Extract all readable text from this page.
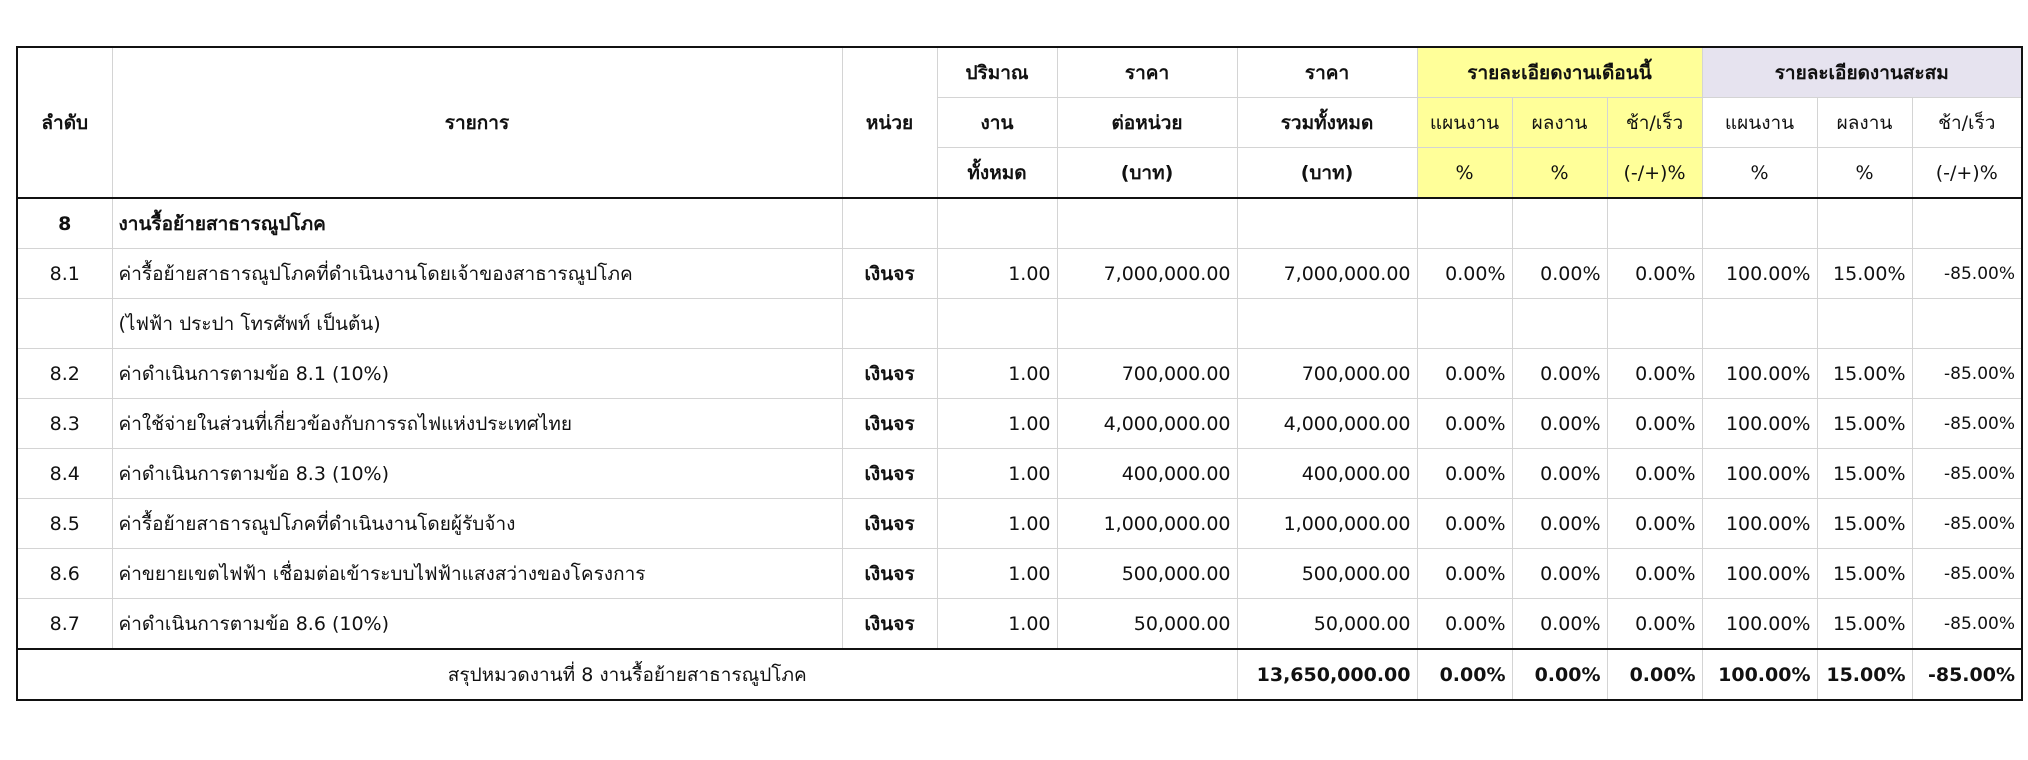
ลำดับ	รายการ	หน่วย	ปริมาณ	ราคา	ราคา	รายละเอียดงานเดือนนี้			รายละเอียดงานสะสม		
			งาน	ต่อหน่วย	รวมทั้งหมด	แผนงาน	ผลงาน	ช้า/เร็ว	แผนงาน	ผลงาน	ช้า/เร็ว
			ทั้งหมด	(บาท)	(บาท)	%	%	(-/+)%	%	%	(-/+)%
8	งานรื้อย้ายสาธารณูปโภค										
8.1	ค่ารื้อย้ายสาธารณูปโภคที่ดำเนินงานโดยเจ้าของสาธารณูปโภค	เงินจร	1.00	7,000,000.00	7,000,000.00	0.00%	0.00%	0.00%	100.00%	15.00%	-85.00%
	(ไฟฟ้า ประปา โทรศัพท์ เป็นต้น)										
8.2	ค่าดำเนินการตามข้อ 8.1 (10%)	เงินจร	1.00	700,000.00	700,000.00	0.00%	0.00%	0.00%	100.00%	15.00%	-85.00%
8.3	ค่าใช้จ่ายในส่วนที่เกี่ยวข้องกับการรถไฟแห่งประเทศไทย	เงินจร	1.00	4,000,000.00	4,000,000.00	0.00%	0.00%	0.00%	100.00%	15.00%	-85.00%
8.4	ค่าดำเนินการตามข้อ 8.3 (10%)	เงินจร	1.00	400,000.00	400,000.00	0.00%	0.00%	0.00%	100.00%	15.00%	-85.00%
8.5	ค่ารื้อย้ายสาธารณูปโภคที่ดำเนินงานโดยผู้รับจ้าง	เงินจร	1.00	1,000,000.00	1,000,000.00	0.00%	0.00%	0.00%	100.00%	15.00%	-85.00%
8.6	ค่าขยายเขตไฟฟ้า เชื่อมต่อเข้าระบบไฟฟ้าแสงสว่างของโครงการ	เงินจร	1.00	500,000.00	500,000.00	0.00%	0.00%	0.00%	100.00%	15.00%	-85.00%
8.7	ค่าดำเนินการตามข้อ 8.6 (10%)	เงินจร	1.00	50,000.00	50,000.00	0.00%	0.00%	0.00%	100.00%	15.00%	-85.00%
สรุปหมวดงานที่ 8 งานรื้อย้ายสาธารณูปโภค					13,650,000.00	0.00%	0.00%	0.00%	100.00%	15.00%	-85.00%
